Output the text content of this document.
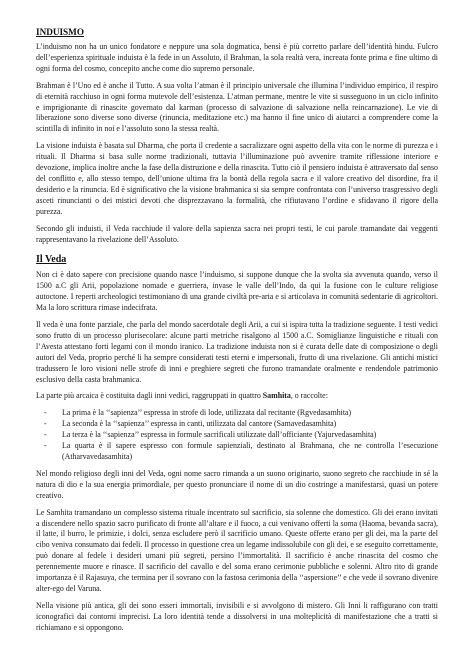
INDUISMO

L’induismo non ha un unico fondatore e neppure una sola dogmatica, bensì è più corretto parlare dell’identità hindu. Fulcro dell’esperienza spirituale induista è la fede in un Assoluto, il Brahman, la sola realtà vera, increata fonte prima e fine ultimo di ogni forma del cosmo, concepito anche come dio supremo personale.

Brahman è l’Uno ed è anche il Tutto. A sua volta l’atman è il principio universale che illumina l’individuo empirico, il respiro di eternità racchiuso in ogni forma mutevole dell’esistenza. L’atman permane, mentre le vite si susseguono in un ciclo infinito e imprigionante di rinascite governato dal karman (processo di salvazione di salvazione nella reincarnazione). Le vie di liberazione sono diverse sono diverse (rinuncia, meditazione etc.) ma hanno il fine unico di aiutarci a comprendere come la scintilla di infinito in noi e l’assoluto sono la stessa realtà.

La visione induista è basata sul Dharma, che porta il credente a sacralizzare ogni aspetto della vita con le norme di purezza e i rituali. Il Dharma si basa sulle norme tradizionali, tuttavia l’illuminazione può avvenire tramite riflessione interiore e devozione, implica inoltre anche la fase della distruzione e della rinascita. Tutto ciò il pensiero induista è attraversato dal senso del conflitto e, allo stesso tempo, dell’unione ultima fra la bontà della regola sacra e il valore creativo del disordine, fra il desiderio e la rinuncia. Ed è significativo che la visione brahmanica si sia sempre confrontata con l’universo trasgressivo degli asceti rinuncianti o dei mistici devoti che disprezzavano la formalità, che rifiutavano l’ordine e sfidavano il rigore della purezza.

Secondo gli induisti, il Veda racchiude il valore della sapienza sacra nei propri testi, le cui parole tramandate dai veggenti rappresentavano la rivelazione dell’Assoluto.

Il Veda

Non ci è dato sapere con precisione quando nasce l’induismo, si suppone dunque che la svolta sia avvenuta quando, verso il 1500 a.C gli Arii, popolazione nomade e guerriera, invase le valle dell’Indo, da qui la fusione con le culture religiose autoctone. I reperti archeologici testimoniano di una grande civiltà pre-aria e si articolava in comunità sedentarie di agricoltori. Ma la loro scrittura rimase indecifrata.

Il veda è una fonte parziale, che parla del mondo sacerdotale degli Arii, a cui si ispira tutta la tradizione seguente. I testi vedici sono frutto di un processo plurisecolare: alcune parti metriche risalgono al 1500 a.C. Somiglianze linguistiche e rituali con l’Avesta attestano forti legami con il mondo iranico. La tradizione induista non si è curata delle date di composizione o degli autori del Veda, proprio perché li ha sempre considerati testi eterni e impersonali, frutto di una rivelazione. Gli antichi mistici tradussero le loro visioni nelle strofe di inni e preghiere segreti che furono tramandate oralmente e rendendole patrimonio esclusivo della casta brahmanica.

La parte più arcaica è costituita dagli inni vedici, raggruppati in quattro Samhita, o raccolte:

- La prima è la ‘‘sapienza’’ espressa in strofe di lode, utilizzata dal recitante (Rgvedasamhita)
- La seconda è la ‘‘sapienza’’ espressa in canti, utilizzata dal cantore (Samavedasamhita)
- La terza è la ‘‘sapienza’’ espressa in formule sacrificali utilizzate dall’officiante (Yajurvedasamhita)
- La quarta è il sapere espresso con formule sapienziali, destinato al Brahmana, che ne controlla l’esecuzione (Atharvavedasamhita)

Nel mondo religioso degli inni del Veda, ogni nome sacro rimanda a un suono originario, suono segreto che racchiude in sé la natura di dio e la sua energia primordiale, per questo pronunciare il nome di un dio costringe a manifestarsi, quasi un potere creativo.

Le Samhita tramandano un complesso sistema rituale incentrato sul sacrificio, sia solenne che domestico. Gli dei erano invitati a discendere nello spazio sacro purificato di fronte all’altare e il fuoco, a cui venivano offerti la soma (Haoma, bevanda sacra), il latte, il burro, le primizie, i dolci, senza escludere però il sacrificio umano. Queste offerte erano per gli dei, ma la parte del cibo veniva consumato dai fedeli. Il processo in questione crea un legame indissolubile con gli dei, e se eseguito correttamente, può donare al fedele i desideri umani più segreti, persino l’immortalità. Il sacrificio è anche rinascita del cosmo che perennemente muore e rinasce. Il sacrificio del cavallo e del soma erano cerimonie pubbliche e solenni. Altro rito di grande importanza è il Rajasuya, che termina per il sovrano con la fastosa cerimonia della ‘‘aspersione’’ e che vede il sovrano divenire alter-ego del Varuna.

Nella visione più antica, gli dei sono esseri immortali, invisibili e si avvolgono di mistero. Gli Inni li raffigurano con tratti iconografici dai contorni imprecisi. La loro identità tende a dissolversi in una molteplicità di manifestazione che a tratti si richiamano e si oppongono.
